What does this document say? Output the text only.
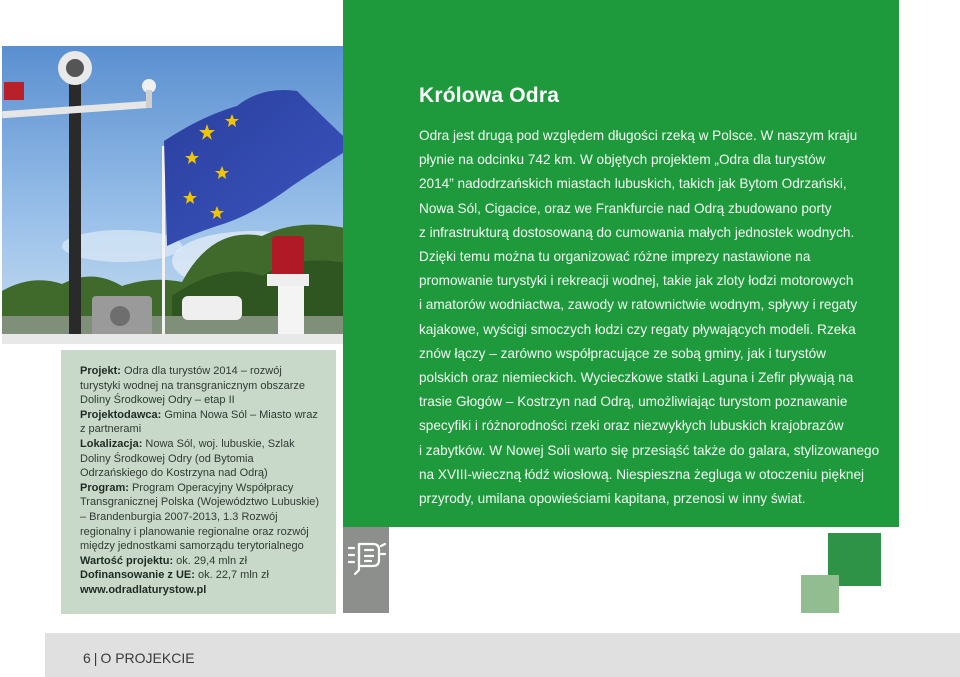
Projekt: Odra dla turystów 2014 – rozwój turystyki wodnej na transgranicznym obszarze Doliny Środkowej Odry – etap II
Projektodawca: Gmina Nowa Sól – Miasto wraz z partnerami
Lokalizacja: Nowa Sól, woj. lubuskie, Szlak Doliny Środkowej Odry (od Bytomia Odrzańskiego do Kostrzyna nad Odrą)
Program: Program Operacyjny Współpracy Transgranicznej Polska (Województwo Lubuskie) – Brandenburgia 2007-2013, 1.3 Rozwój regionalny i planowanie regionalne oraz rozwój między jednostkami samorządu terytorialnego
Wartość projektu: ok. 29,4 mln zł
Dofinansowanie z UE: ok. 22,7 mln zł
www.odradlaturystow.pl

Królowa Odra

Odra jest drugą pod względem długości rzeką w Polsce. W naszym kraju

płynie na odcinku 742 km. W objętych projektem „Odra dla turystów

2014” nadodrzańskich miastach lubuskich, takich jak Bytom Odrzański,

Nowa Sól, Cigacice, oraz we Frankfurcie nad Odrą zbudowano porty

z infrastrukturą dostosowaną do cumowania małych jednostek wodnych.

Dzięki temu można tu organizować różne imprezy nastawione na

promowanie turystyki i rekreacji wodnej, takie jak zloty łodzi motorowych

i amatorów wodniactwa, zawody w ratownictwie wodnym, spływy i regaty

kajakowe, wyścigi smoczych łodzi czy regaty pływających modeli. Rzeka

znów łączy – zarówno współpracujące ze sobą gminy, jak i turystów

polskich oraz niemieckich. Wycieczkowe statki Laguna i Zefir pływają na

trasie Głogów – Kostrzyn nad Odrą, umożliwiając turystom poznawanie

specyfiki i różnorodności rzeki oraz niezwykłych lubuskich krajobrazów

i zabytków. W Nowej Soli warto się przesiąść także do galara, stylizowanego

na XVIII-wieczną łódź wiosłową. Niespieszna żegluga w otoczeniu pięknej

przyrody, umilana opowieściami kapitana, przenosi w inny świat.

6 | O PROJEKCIE
